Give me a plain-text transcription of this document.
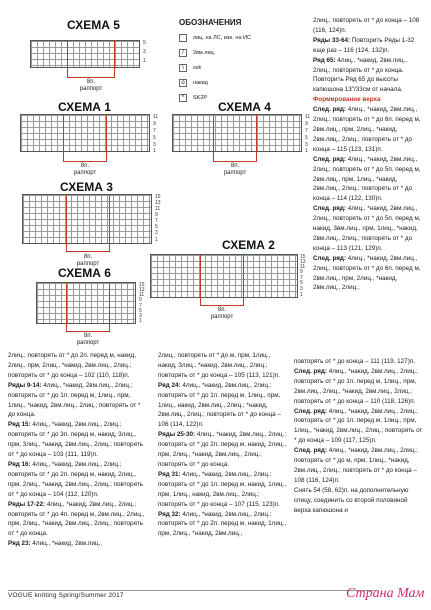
СХЕМА 5
5
3
1
8п.
раппорт
ОБОЗНАЧЕНИЯ
лиц. на ЛС, изн. на ИС
/	2вм.лиц.
\	ssk
o	накид
^	SK2P
СХЕМА 1
11
9
7
5
3
1
8п.
раппорт
СХЕМА 4
11
9
7
5
3
1
8п.
раппорт
СХЕМА 3
15
13
11
9
7
5
3
1
8п.
раппорт
СХЕМА 2
15
13
11
9
7
5
3
1
8п.
раппорт
СХЕМА 6
15
13
11
9
7
5
3
1
8п.
раппорт

2лиц.; повторять от * до конца – 108 (116, 124)п.

Ряды 33-64: Повторить Ряды 1-32 еще раз – 116 (124, 132)п.

Ряд 65: 4лиц., *накид, 2вм.лиц., 2лиц.; повторять от * до конца. Повторить Ряд 65 до высоты капюшона 13"/33см от начала.

Формирование верха

След. ряд: 4лиц., *накид, 2вм.лиц., 2лиц.; повторять от * до 6п. перед м, 2вм.лиц., прм, 2лиц., *накид, 2вм.лиц., 2лиц.; повторять от * до конца – 115 (123, 131)п.

След. ряд: 4лиц., *накид, 2вм.лиц., 2лиц.; повторять от * до 5п. перед м, 2вм.лиц., прм, 1лиц., *накид, 2вм.лиц., 2лиц.; повторять от * до конца – 114 (122, 130)п.

След. ряд: 4лиц., *накид, 2вм.лиц., 2лиц.; повторять от * до 5п. перед м, накид, 3вм.лиц., прм, 1лиц., *накид, 2вм.лиц., 2лиц.; повторять от * до конца – 113 (121, 129)п.

След. ряд: 4лиц., *накид, 2вм.лиц., 2лиц.; повторять от * до 6п. перед м, 2вм.лиц., прм, 2лиц., *накид, 2вм.лиц., 2лиц.;

2лиц.; повторять от * до 2п. перед м, накид, 2лиц., прм, 2лиц., *накид, 2вм.лиц., 2лиц.; повторять от * до конца – 102 (110, 118)п.

Ряды 9-14: 4лиц., *накид, 2вм.лиц., 2лиц.; повторять от * до 1п. перед м, 1лиц., прм, 1лиц., *накид, 2вм.лиц., 2лиц.; повторять от * до конца.

Ряд 15: 4лиц., *накид, 2вм.лиц., 2лиц.; повторять от * до 3п. перед м, накид, 3лиц., прм, 3лиц., *накид, 2вм.лиц., 2лиц.; повторять от * до конца – 103 (111, 119)п.

Ряд 16: 4лиц., *накид, 2вм.лиц., 2лиц.; повторять от * до 2п. перед м, накид, 2лиц., прм, 2лиц., *накид, 2вм.лиц., 2лиц.; повторять от * до конца – 104 (112, 120)п.

Ряды 17-22: 4лиц., *накид, 2вм.лиц., 2лиц.; повторять от * до 4п. перед м, 2вм.лиц., 2лиц., прм, 2лиц., *накид, 2вм.лиц., 2лиц.; повторять от * до конца.

Ряд 23: 4лиц., *накид, 2вм.лиц.,

2лиц.; повторять от * до м, прм, 1лиц., накид, 3лиц., *накид, 2вм.лиц., 2лиц.; повторять от * до конца – 105 (113, 121)п.

Ряд 24: 4лиц., *накид, 2вм.лиц., 2лиц.; повторять от * до 1п. перед м, 1лиц., прм, 1лиц., накид, 2вм.лиц., 2лиц.; *накид, 2вм.лиц., 2лиц.; повторять от * до конца – 106 (114, 122)п.

Ряды 25-30: 4лиц., *накид, 2вм.лиц., 2лиц.; повторять от * до 2п. перед м, накид, 2лиц., прм, 2лиц., *накид, 2вм.лиц., 2лиц.; повторять от * до конца.

Ряд 31: 4лиц., *накид, 2вм.лиц., 2лиц.; повторять от * до 1п. перед м, накид, 1лиц., прм, 1лиц., накид, 2вм.лиц., 2лиц.; повторять от * до конца – 107 (115, 123)п.

Ряд 32: 4лиц., *накид, 2вм.лиц., 2лиц.; повторять от * до 2п. перед м, накид, 1лиц., прм, 2лиц., *накид, 2вм.лиц.,

повторять от * до конца – 111 (119, 127)п.

След. ряд: 4лиц., *накид, 2вм.лиц., 2лиц.; повторять от * до 1п. перед м, 1лиц., прм, 2вм.лиц., 2лиц., *накид, 2вм.лиц., 2лиц.; повторять от * до конца – 110 (118, 126)п.

След. ряд: 4лиц., *накид, 2вм.лиц., 2лиц.; повторять от * до 1п. перед м, 1лиц., прм, 1лиц., *накид, 2вм.лиц., 2лиц.; повторять от * до конца – 109 (117, 125)п.

След. ряд: 4лиц., *накид, 2вм.лиц., 2лиц.; повторять от * до м, прм, 1лиц., *накид, 2вм.лиц., 2лиц.; повторять от * до конца – 108 (116, 124)п.

Снять 54 (58, 62)п. на дополнительную спицу, соединить со второй половиной верха капюшона и

VOGUE knitting Spring/Summer 2017	Страна Мам
